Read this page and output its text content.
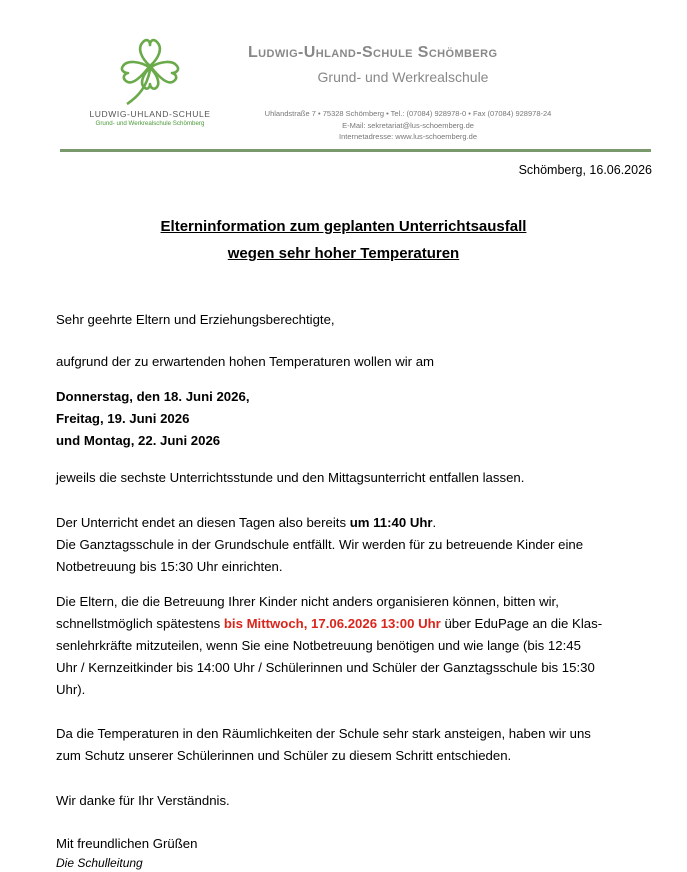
LUDWIG-UHLAND-SCHULE
Grund- und Werkrealschule Schömberg
Ludwig-Uhland-Schule Schömberg
Grund- und Werkrealschule
Uhlandstraße 7 • 75328 Schömberg • Tel.: (07084) 928978-0 • Fax (07084) 928978-24
E-Mail: sekretariat@lus-schoemberg.de
Internetadresse: www.lus-schoemberg.de
Schömberg, 16.06.2026
Elterninformation zum geplanten Unterrichtsausfall
wegen sehr hoher Temperaturen
Sehr geehrte Eltern und Erziehungsberechtigte,
aufgrund der zu erwartenden hohen Temperaturen wollen wir am
Donnerstag, den 18. Juni 2026,
Freitag, 19. Juni 2026
und Montag, 22. Juni 2026
jeweils die sechste Unterrichtsstunde und den Mittagsunterricht entfallen lassen.
Der Unterricht endet an diesen Tagen also bereits um 11:40 Uhr.
Die Ganztagsschule in der Grundschule entfällt. Wir werden für zu betreuende Kinder eine
Notbetreuung bis 15:30 Uhr einrichten.
Die Eltern, die die Betreuung Ihrer Kinder nicht anders organisieren können, bitten wir,
schnellstmöglich spätestens bis Mittwoch, 17.06.2026 13:00 Uhr über EduPage an die Klas-
senlehrkräfte mitzuteilen, wenn Sie eine Notbetreuung benötigen und wie lange (bis 12:45
Uhr / Kernzeitkinder bis 14:00 Uhr / Schülerinnen und Schüler der Ganztagsschule bis 15:30
Uhr).
Da die Temperaturen in den Räumlichkeiten der Schule sehr stark ansteigen, haben wir uns
zum Schutz unserer Schülerinnen und Schüler zu diesem Schritt entschieden.
Wir danke für Ihr Verständnis.
Mit freundlichen Grüßen
Die Schulleitung
